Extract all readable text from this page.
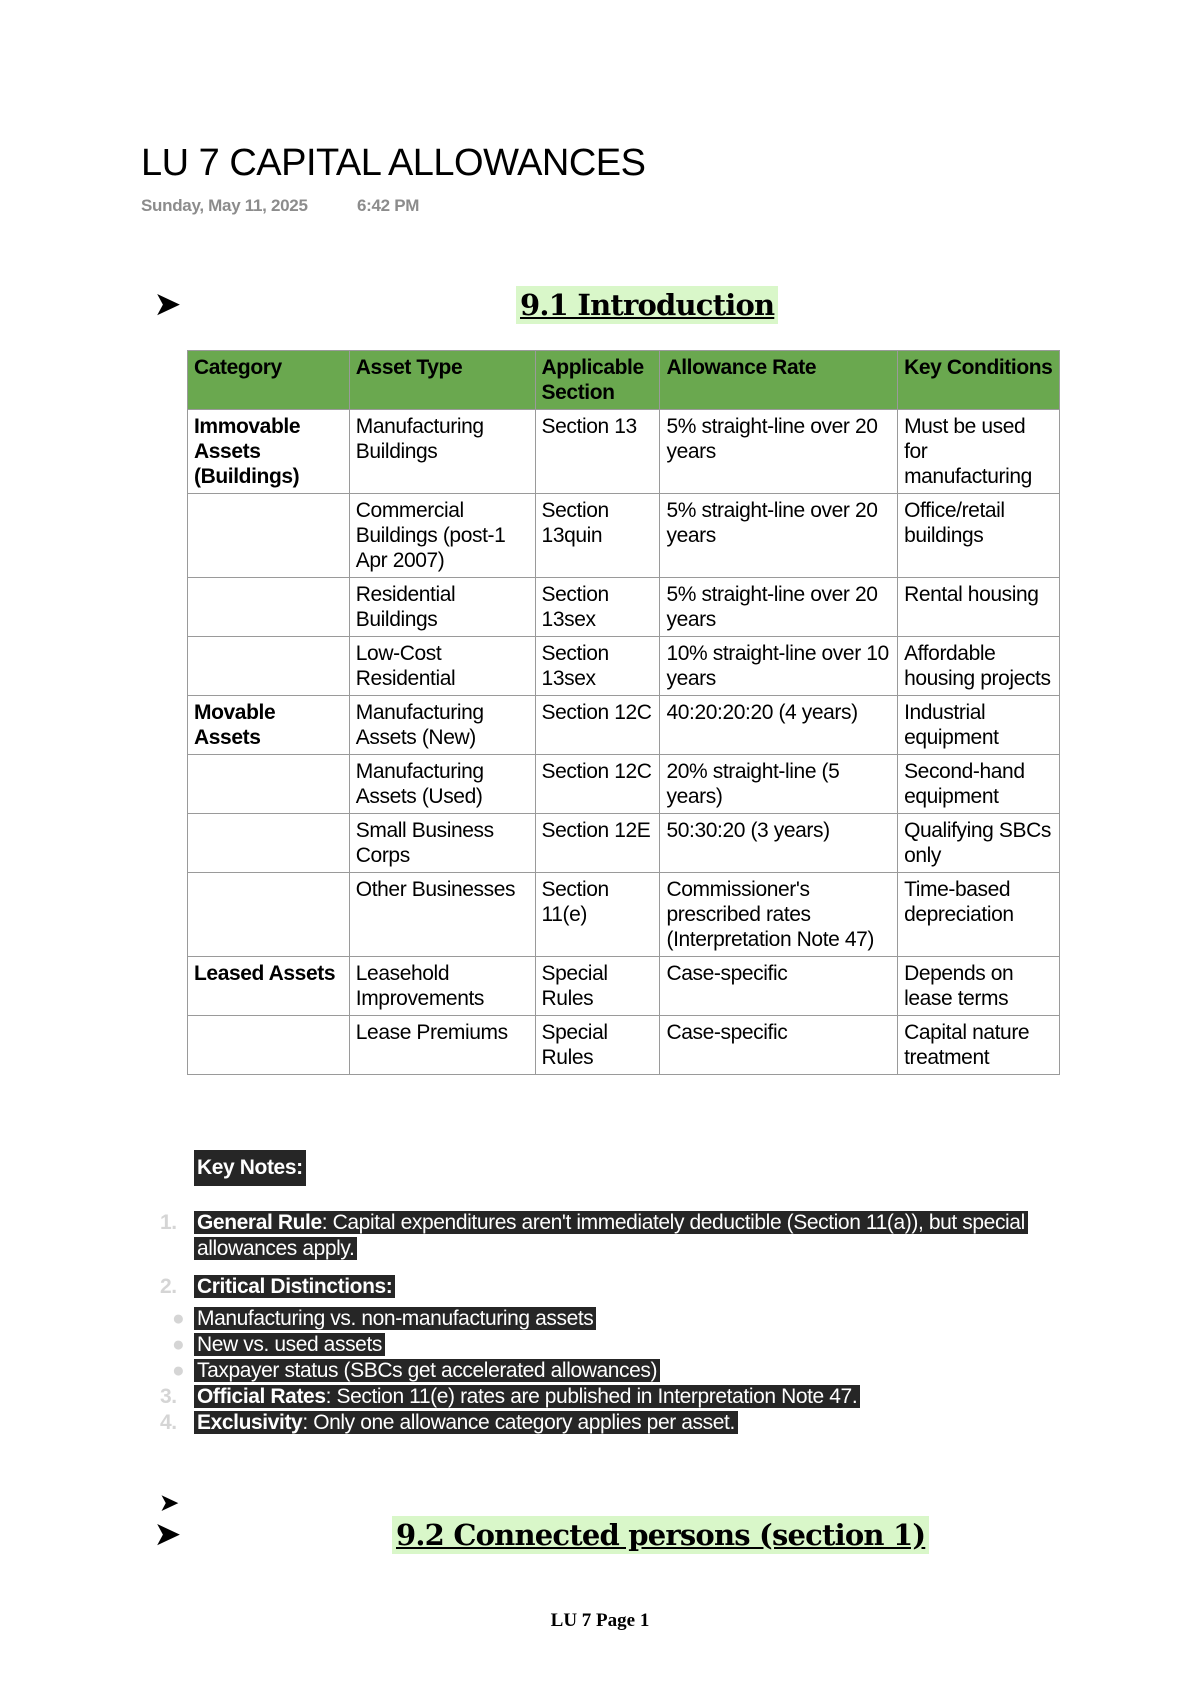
LU 7 CAPITAL ALLOWANCES
Sunday, May 11, 2025	6:42 PM
➤	9.1 Introduction
Category	Asset Type	Applicable Section	Allowance Rate	Key Conditions
Immovable Assets (Buildings)	Manufacturing Buildings	Section 13	5% straight-line over 20 years	Must be used for manufacturing
	Commercial Buildings (post-1 Apr 2007)	Section 13quin	5% straight-line over 20 years	Office/retail buildings
	Residential Buildings	Section 13sex	5% straight-line over 20 years	Rental housing
	Low-Cost Residential	Section 13sex	10% straight-line over 10 years	Affordable housing projects
Movable Assets	Manufacturing Assets (New)	Section 12C	40:20:20:20 (4 years)	Industrial equipment
	Manufacturing Assets (Used)	Section 12C	20% straight-line (5 years)	Second-hand equipment
	Small Business Corps	Section 12E	50:30:20 (3 years)	Qualifying SBCs only
	Other Businesses	Section 11(e)	Commissioner's prescribed rates (Interpretation Note 47)	Time-based depreciation
Leased Assets	Leasehold Improvements	Special Rules	Case-specific	Depends on lease terms
	Lease Premiums	Special Rules	Case-specific	Capital nature treatment
Key Notes:
1. General Rule: Capital expenditures aren't immediately deductible (Section 11(a)), but special allowances apply.
2. Critical Distinctions:
● Manufacturing vs. non-manufacturing assets
● New vs. used assets
● Taxpayer status (SBCs get accelerated allowances)
3. Official Rates: Section 11(e) rates are published in Interpretation Note 47.
4. Exclusivity: Only one allowance category applies per asset.
➤
➤	9.2 Connected persons (section 1)
LU 7 Page 1
